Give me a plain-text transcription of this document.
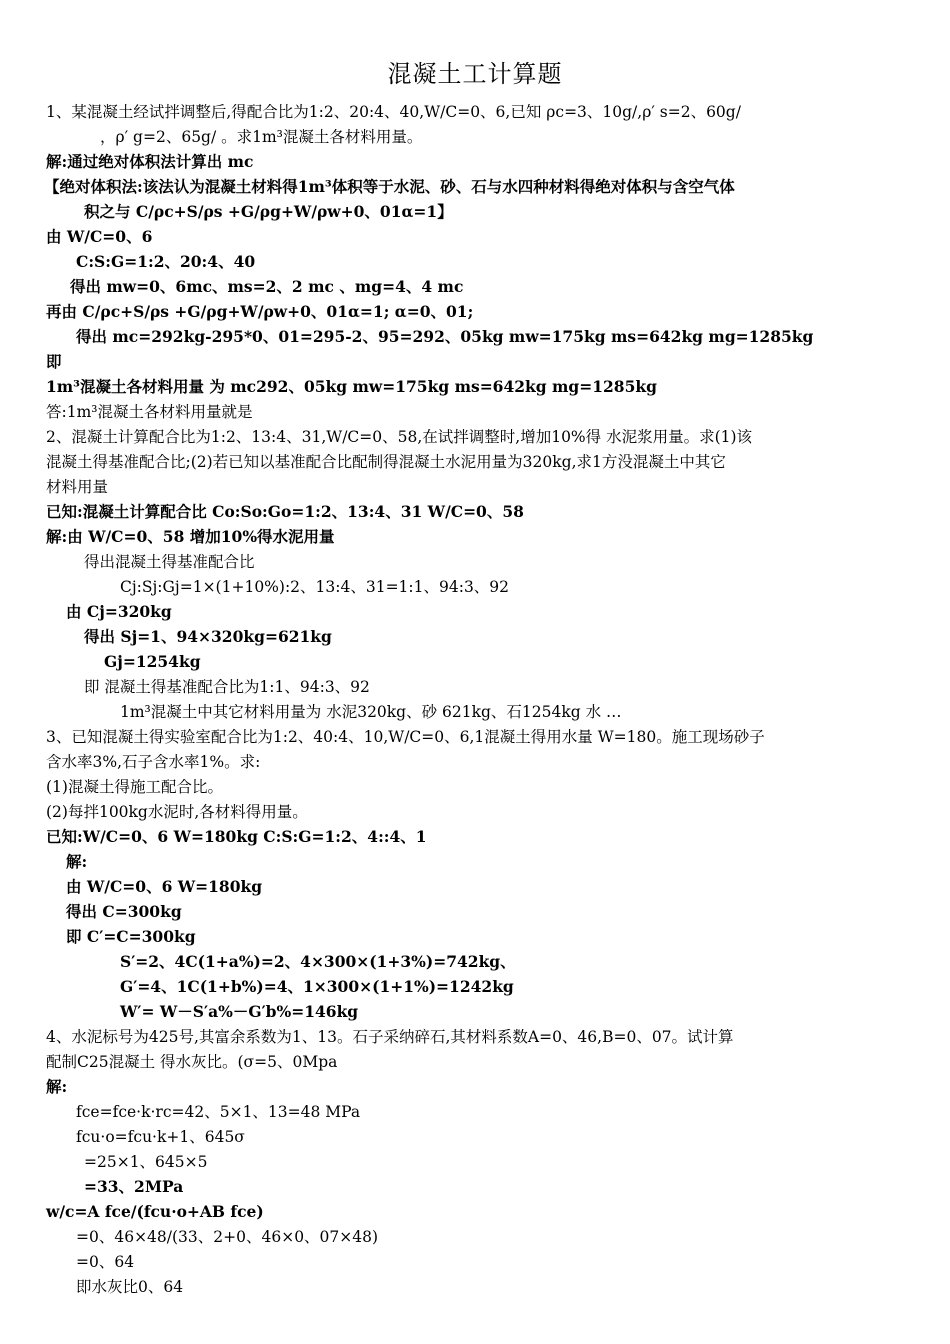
混凝土工计算题
1、某混凝土经试拌调整后,得配合比为1:2、20:4、40,W/C=0、6,已知 ρc=3、10g/,ρ′ s=2、60g/
，ρ′ g=2、65g/ 。求1m³混凝土各材料用量。
解:通过绝对体积法计算出 mc
【绝对体积法:该法认为混凝土材料得1m³体积等于水泥、砂、石与水四种材料得绝对体积与含空气体
积之与 C/ρc+S/ρs +G/ρg+W/ρw+0、01α=1】
由 W/C=0、6
C:S:G=1:2、20:4、40
得出 mw=0、6mc、ms=2、2 mc 、mg=4、4 mc
再由 C/ρc+S/ρs +G/ρg+W/ρw+0、01α=1; α=0、01;
得出 mc=292kg-295*0、01=295-2、95=292、05kg mw=175kg ms=642kg mg=1285kg
即
1m³混凝土各材料用量 为 mc292、05kg mw=175kg ms=642kg mg=1285kg
答:1m³混凝土各材料用量就是
2、混凝土计算配合比为1:2、13:4、31,W/C=0、58,在试拌调整时,增加10%得 水泥浆用量。求(1)该
混凝土得基准配合比;(2)若已知以基准配合比配制得混凝土水泥用量为320kg,求1方没混凝土中其它
材料用量
已知:混凝土计算配合比 Co:So:Go=1:2、13:4、31 W/C=0、58
解:由 W/C=0、58 增加10%得水泥用量
得出混凝土得基准配合比
Cj:Sj:Gj=1×(1+10%):2、13:4、31=1:1、94:3、92
由 Cj=320kg
得出 Sj=1、94×320kg=621kg
Gj=1254kg
即 混凝土得基准配合比为1:1、94:3、92
1m³混凝土中其它材料用量为 水泥320kg、砂 621kg、石1254kg 水 …
3、已知混凝土得实验室配合比为1:2、40:4、10,W/C=0、6,1混凝土得用水量 W=180。施工现场砂子
含水率3%,石子含水率1%。求:
(1)混凝土得施工配合比。
(2)每拌100kg水泥时,各材料得用量。
已知:W/C=0、6 W=180kg C:S:G=1:2、4::4、1
解:
由 W/C=0、6 W=180kg
得出 C=300kg
即 C′=C=300kg
S′=2、4C(1+a%)=2、4×300×(1+3%)=742kg、
G′=4、1C(1+b%)=4、1×300×(1+1%)=1242kg
W′= W－S′a%－G′b%=146kg
4、水泥标号为425号,其富余系数为1、13。石子采纳碎石,其材料系数A=0、46,B=0、07。试计算
配制C25混凝土 得水灰比。(σ=5、0Mpa
解:
fce=fce·k·rc=42、5×1、13=48 MPa
fcu·o=fcu·k+1、645σ
=25×1、645×5
=33、2MPa
w/c=A fce/(fcu·o+AB fce)
=0、46×48/(33、2+0、46×0、07×48)
=0、64
即水灰比0、64
